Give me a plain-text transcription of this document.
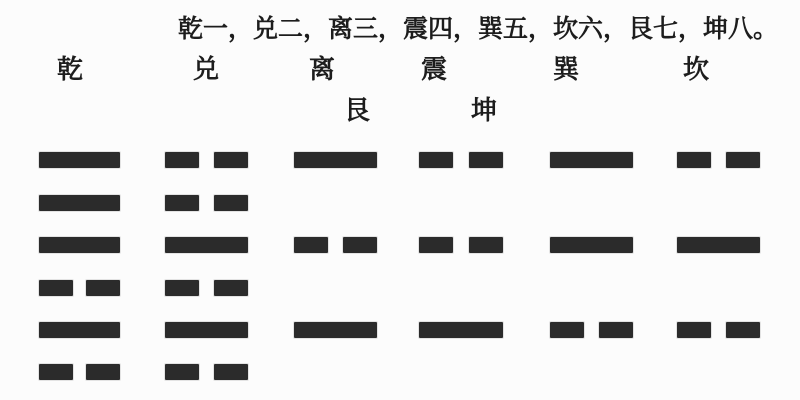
乾一，兑二，离三，震四，巽五，坎六，艮七，坤八。
乾	兑	离	震	巽	坎
艮	坤
